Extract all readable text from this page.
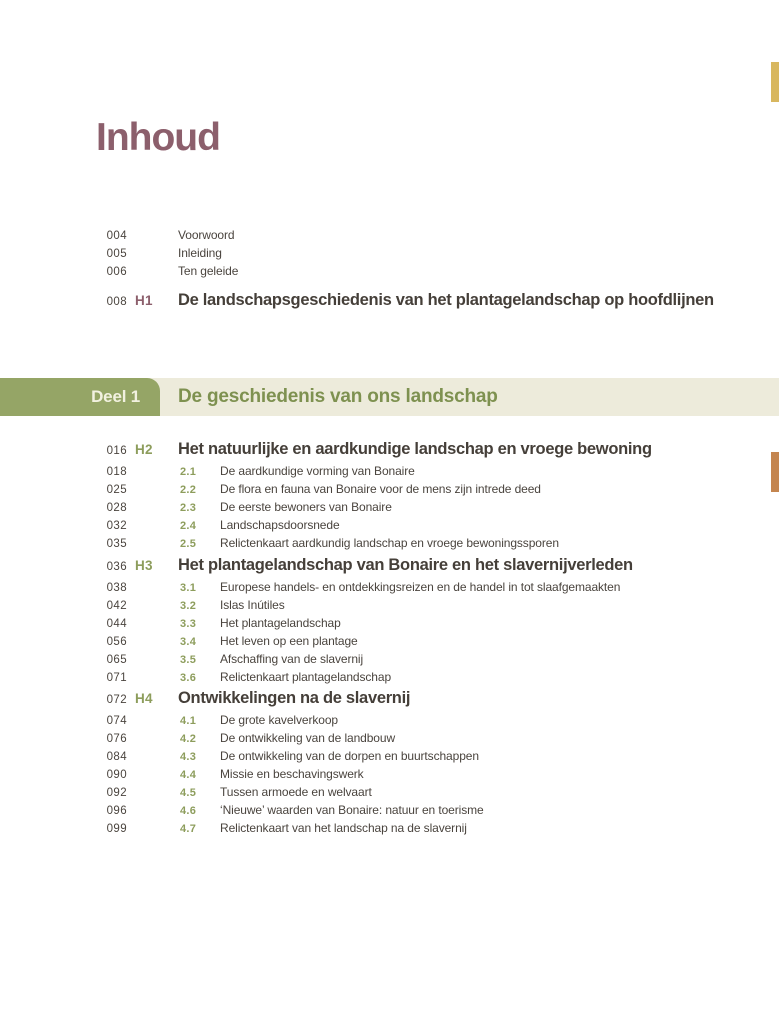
Inhoud
004	Voorwoord
005	Inleiding
006	Ten geleide
008 H1	De landschapsgeschiedenis van het plantagelandschap op hoofdlijnen
Deel 1	De geschiedenis van ons landschap
016 H2	Het natuurlijke en aardkundige landschap en vroege bewoning
018	2.1	De aardkundige vorming van Bonaire
025	2.2	De flora en fauna van Bonaire voor de mens zijn intrede deed
028	2.3	De eerste bewoners van Bonaire
032	2.4	Landschapsdoorsnede
035	2.5	Relictenkaart aardkundig landschap en vroege bewoningssporen
036 H3	Het plantagelandschap van Bonaire en het slavernijverleden
038	3.1	Europese handels- en ontdekkingsreizen en de handel in tot slaafgemaakten
042	3.2	Islas Inútiles
044	3.3	Het plantagelandschap
056	3.4	Het leven op een plantage
065	3.5	Afschaffing van de slavernij
071	3.6	Relictenkaart plantagelandschap
072 H4	Ontwikkelingen na de slavernij
074	4.1	De grote kavelverkoop
076	4.2	De ontwikkeling van de landbouw
084	4.3	De ontwikkeling van de dorpen en buurtschappen
090	4.4	Missie en beschavingswerk
092	4.5	Tussen armoede en welvaart
096	4.6	‘Nieuwe’ waarden van Bonaire: natuur en toerisme
099	4.7	Relictenkaart van het landschap na de slavernij
